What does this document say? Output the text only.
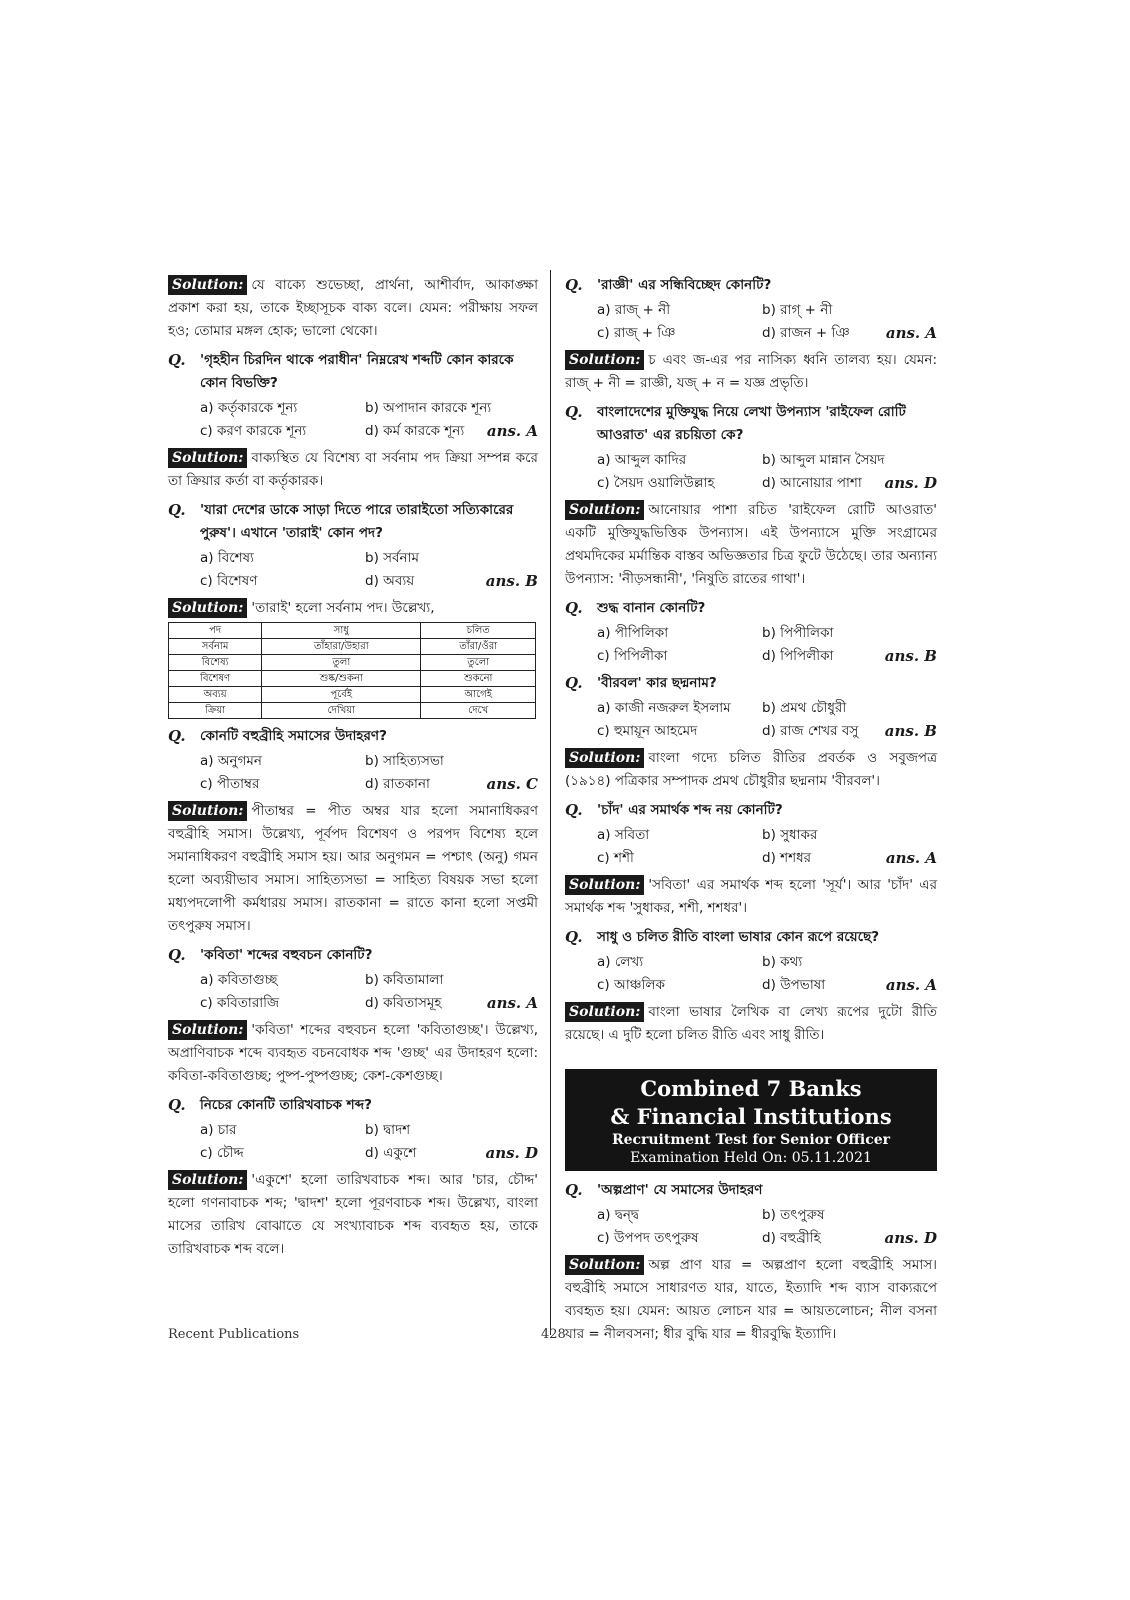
Solution: যে বাক্যে শুভেচ্ছা, প্রার্থনা, আশীর্বাদ, আকাঙ্ক্ষা প্রকাশ করা হয়, তাকে ইচ্ছাসূচক বাক্য বলে। যেমন: পরীক্ষায় সফল হও; তোমার মঙ্গল হোক; ভালো থেকো।
Q. 'গৃহহীন চিরদিন থাকে পরাধীন' নিম্নরেখ শব্দটি কোন কারকে কোন বিভক্তি?
a) কর্তৃকারকে শূন্য	b) অপাদান কারকে শূন্য
c) করণ কারকে শূন্য	d) কর্ম কারকে শূন্য ans. A
Solution: বাক্যস্থিত যে বিশেষ্য বা সর্বনাম পদ ক্রিয়া সম্পন্ন করে তা ক্রিয়ার কর্তা বা কর্তৃকারক।
Q. 'যারা দেশের ডাকে সাড়া দিতে পারে তারাইতো সত্যিকারের পুরুষ'। এখানে 'তারাই' কোন পদ?
a) বিশেষ্য	b) সর্বনাম
c) বিশেষণ	d) অব্যয়	ans. B
Solution: 'তারাই' হলো সর্বনাম পদ। উল্লেখ্য,
পদ	সাধু	চলিত
সর্বনাম	তাঁহারা/উহারা	তাঁরা/ওঁরা
বিশেষ্য	তুলা	তুলো
বিশেষণ	শুষ্ক/শুকনা	শুকনো
অব্যয়	পূর্বেই	আগেই
ক্রিয়া	দেখিয়া	দেখে
Q. কোনটি বহুব্রীহি সমাসের উদাহরণ?
a) অনুগমন	b) সাহিত্যসভা
c) পীতাম্বর	d) রাতকানা	ans. C
Solution: পীতাম্বর = পীত অম্বর যার হলো সমানাধিকরণ বহুব্রীহি সমাস। উল্লেখ্য, পূর্বপদ বিশেষণ ও পরপদ বিশেষ্য হলে সমানাধিকরণ বহুব্রীহি সমাস হয়। আর অনুগমন = পশ্চাৎ (অনু) গমন হলো অব্যয়ীভাব সমাস। সাহিত্যসভা = সাহিত্য বিষয়ক সভা হলো মধ্যপদলোপী কর্মধারয় সমাস। রাতকানা = রাতে কানা হলো সপ্তমী তৎপুরুষ সমাস।
Q. 'কবিতা' শব্দের বহুবচন কোনটি?
a) কবিতাগুচ্ছ	b) কবিতামালা
c) কবিতারাজি	d) কবিতাসমূহ	ans. A
Solution: 'কবিতা' শব্দের বহুবচন হলো 'কবিতাগুচ্ছ'। উল্লেখ্য, অপ্রাণিবাচক শব্দে ব্যবহৃত বচনবোধক শব্দ 'গুচ্ছ' এর উদাহরণ হলো: কবিতা-কবিতাগুচ্ছ; পুষ্প-পুষ্পগুচ্ছ; কেশ-কেশগুচ্ছ।
Q. নিচের কোনটি তারিখবাচক শব্দ?
a) চার	b) দ্বাদশ
c) চৌদ্দ	d) একুশে	ans. D
Solution: 'একুশে' হলো তারিখবাচক শব্দ। আর 'চার, চৌদ্দ' হলো গণনাবাচক শব্দ; 'দ্বাদশ' হলো পূরণবাচক শব্দ। উল্লেখ্য, বাংলা মাসের তারিখ বোঝাতে যে সংখ্যাবাচক শব্দ ব্যবহৃত হয়, তাকে তারিখবাচক শব্দ বলে।
Q. 'রাজ্ঞী' এর সন্ধিবিচ্ছেদ কোনটি?
a) রাজ্ + নী	b) রাগ্ + নী
c) রাজ্ + ঞি	d) রাজন + ঞি ans. A
Solution: চ এবং জ-এর পর নাসিক্য ধ্বনি তালব্য হয়। যেমন: রাজ্ + নী = রাজ্ঞী, যজ্ + ন = যজ্ঞ প্রভৃতি।
Q. বাংলাদেশের মুক্তিযুদ্ধ নিয়ে লেখা উপন্যাস 'রাইফেল রোটি আওরাত' এর রচয়িতা কে?
a) আব্দুল কাদির	b) আব্দুল মান্নান সৈয়দ
c) সৈয়দ ওয়ালিউল্লাহ	d) আনোয়ার পাশা ans. D
Solution: আনোয়ার পাশা রচিত 'রাইফেল রোটি আওরাত' একটি মুক্তিযুদ্ধভিত্তিক উপন্যাস। এই উপন্যাসে মুক্তি সংগ্রামের প্রথমদিকের মর্মান্তিক বাস্তব অভিজ্ঞতার চিত্র ফুটে উঠেছে। তার অন্যান্য উপন্যাস: 'নীড়সন্ধানী', 'নিষুতি রাতের গাথা'।
Q. শুদ্ধ বানান কোনটি?
a) পীপিলিকা	b) পিপীলিকা
c) পিপিলীকা	d) পিপিলীকা	ans. B
Q. 'বীরবল' কার ছদ্মনাম?
a) কাজী নজরুল ইসলাম	b) প্রমথ চৌধুরী
c) হুমায়ূন আহমেদ	d) রাজ শেখর বসু ans. B
Solution: বাংলা গদ্যে চলিত রীতির প্রবর্তক ও সবুজপত্র (১৯১৪) পত্রিকার সম্পাদক প্রমথ চৌধুরীর ছদ্মনাম 'বীরবল'।
Q. 'চাঁদ' এর সমার্থক শব্দ নয় কোনটি?
a) সবিতা	b) সুধাকর
c) শশী	d) শশধর	ans. A
Solution: 'সবিতা' এর সমার্থক শব্দ হলো 'সূর্য'। আর 'চাঁদ' এর সমার্থক শব্দ 'সুধাকর, শশী, শশধর'।
Q. সাধু ও চলিত রীতি বাংলা ভাষার কোন রূপে রয়েছে?
a) লেখ্য	b) কথ্য
c) আঞ্চলিক	d) উপভাষা	ans. A
Solution: বাংলা ভাষার লৈখিক বা লেখ্য রূপের দুটো রীতি রয়েছে। এ দুটি হলো চলিত রীতি এবং সাধু রীতি।
Combined 7 Banks
& Financial Institutions
Recruitment Test for Senior Officer
Examination Held On: 05.11.2021
Q. 'অল্পপ্রাণ' যে সমাসের উদাহরণ
a) দ্বন্দ্ব	b) তৎপুরুষ
c) উপপদ তৎপুরুষ	d) বহুব্রীহি	ans. D
Solution: অল্প প্রাণ যার = অল্পপ্রাণ হলো বহুব্রীহি সমাস। বহুব্রীহি সমাসে সাধারণত যার, যাতে, ইত্যাদি শব্দ ব্যাস বাক্যরূপে ব্যবহৃত হয়। যেমন: আয়ত লোচন যার = আয়তলোচন; নীল বসনা যার = নীলবসনা; ধীর বুদ্ধি যার = ধীরবুদ্ধি ইত্যাদি।
Recent Publications	428
